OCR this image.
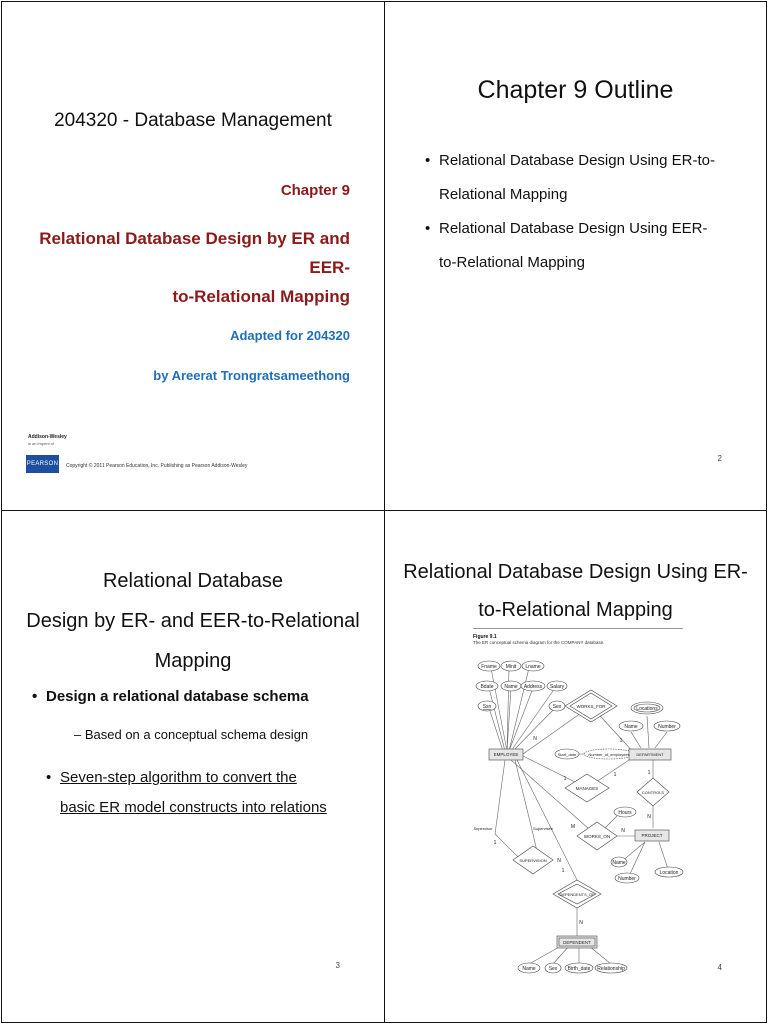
204320 - Database Management
Chapter 9
Relational Database Design by ER and EER-
to-Relational Mapping
Adapted for 204320
by Areerat Trongratsameethong
Addison-Wesley
is an imprint of
PEARSON Copyright © 2011 Pearson Education, Inc. Publishing as Pearson Addison-Wesley
Chapter 9 Outline
• Relational Database Design Using ER-to-Relational Mapping
• Relational Database Design Using EER-to-Relational Mapping
2
Relational Database
Design by ER- and EER-to-Relational
Mapping
• Design a relational database schema
– Based on a conceptual schema design
• Seven-step algorithm to convert the basic ER model constructs into relations
3
Relational Database Design Using ER-
to-Relational Mapping
Figure 9.1
The ER conceptual schema diagram for the COMPANY database.
EMPLOYEE	DEPARTMENT
PROJECT
DEPENDENT
WORKS_FOR
MANAGES
CONTROLS
WORKS_ON
SUPERVISION
DEPENDENTS_OF
Fname Minit Lname
Bdate Name Address Salary
Ssn	Sex	Locations
Name	Number
Start_date	Number_of_employees
Hours
Name
Number
Location
Name	Sex Birth_date Relationship
Supervisor	Supervisee
N	1
1
1	1
N
M
N
1
N
1
N
4
